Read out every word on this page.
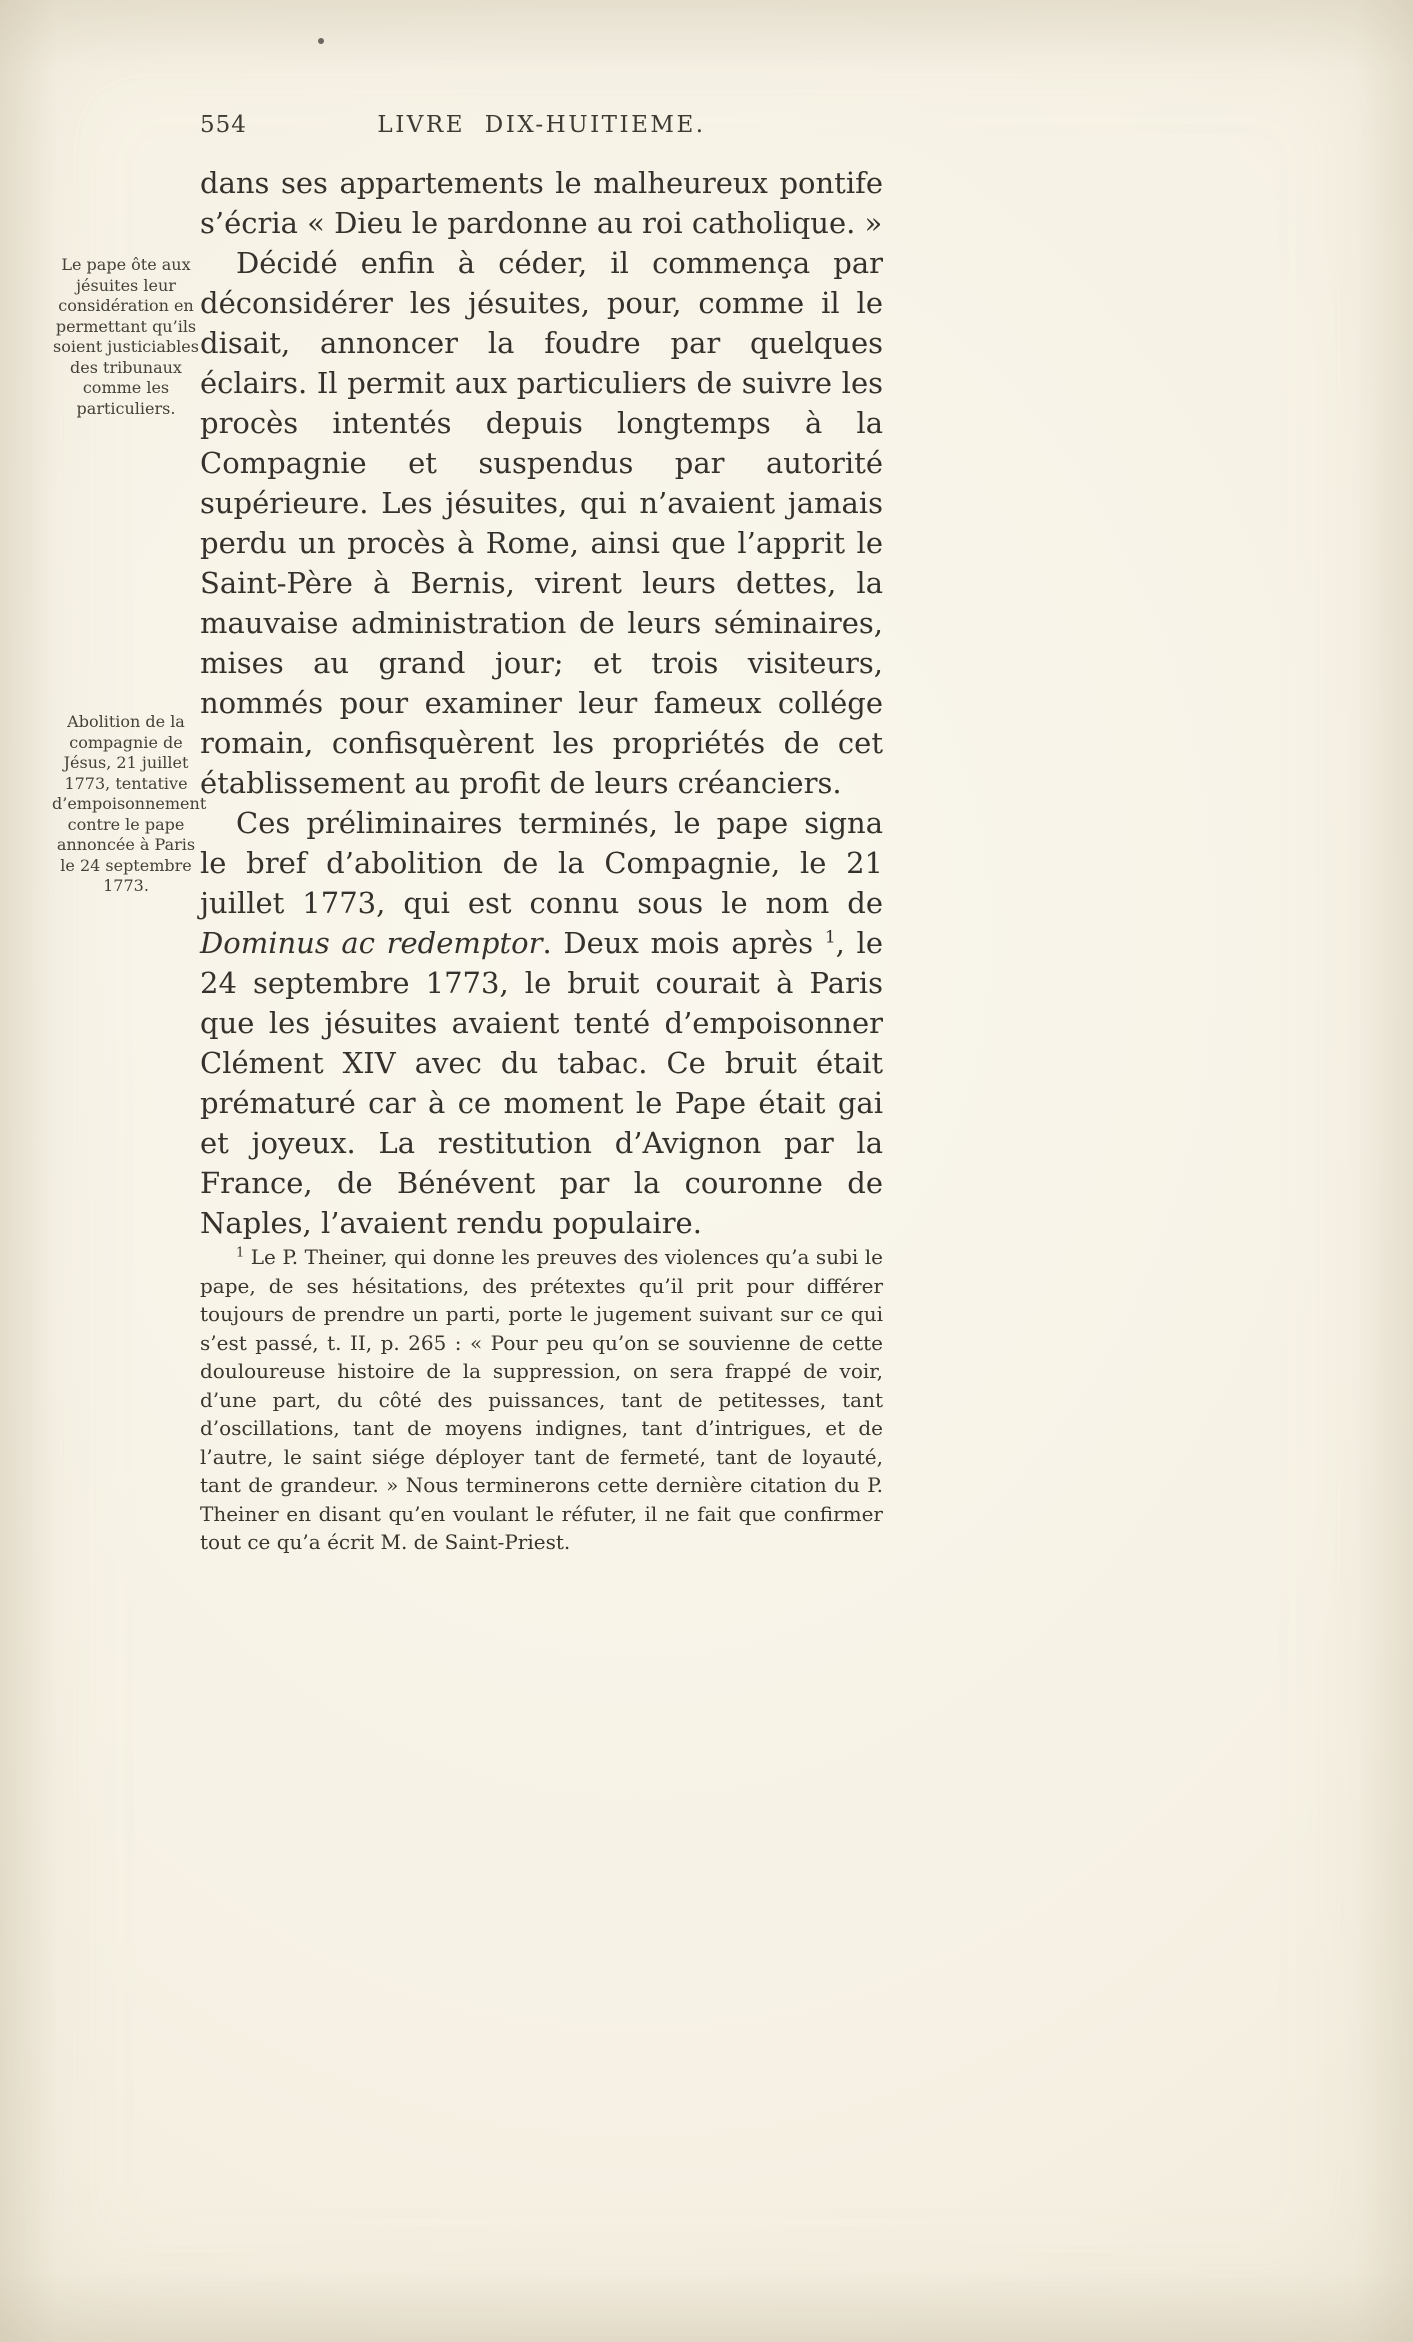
554	LIVRE DIX-HUITIEME.
Le pape ôte aux jésuites leur considération en permettant qu’ils soient justiciables des tribunaux comme les particuliers.
Abolition de la compagnie de Jésus, 21 juillet 1773, tentative d’empoisonnement contre le pape annoncée à Paris le 24 septembre 1773.

dans ses appartements le malheureux pontife s’écria « Dieu le pardonne au roi catholique. »

Décidé enfin à céder, il commença par déconsidérer les jésuites, pour, comme il le disait, annoncer la foudre par quelques éclairs. Il permit aux particuliers de suivre les procès intentés depuis longtemps à la Compagnie et suspendus par autorité supérieure. Les jésuites, qui n’avaient jamais perdu un procès à Rome, ainsi que l’apprit le Saint-Père à Bernis, virent leurs dettes, la mauvaise administration de leurs séminaires, mises au grand jour; et trois visiteurs, nommés pour examiner leur fameux collége romain, confisquèrent les propriétés de cet établissement au profit de leurs créanciers.

Ces préliminaires terminés, le pape signa le bref d’abolition de la Compagnie, le 21 juillet 1773, qui est connu sous le nom de Dominus ac redemptor. Deux mois après $^1$, le 24 septembre 1773, le bruit courait à Paris que les jésuites avaient tenté d’empoisonner Clément XIV avec du tabac. Ce bruit était prématuré car à ce moment le Pape était gai et joyeux. La restitution d’Avignon par la France, de Bénévent par la couronne de Naples, l’avaient rendu populaire.

$^1$ Le P. Theiner, qui donne les preuves des violences qu’a subi le pape, de ses hésitations, des prétextes qu’il prit pour différer toujours de prendre un parti, porte le jugement suivant sur ce qui s’est passé, t. II, p. 265 : « Pour peu qu’on se souvienne de cette douloureuse histoire de la suppression, on sera frappé de voir, d’une part, du côté des puissances, tant de petitesses, tant d’oscillations, tant de moyens indignes, tant d’intrigues, et de l’autre, le saint siége déployer tant de fermeté, tant de loyauté, tant de grandeur. » Nous terminerons cette dernière citation du P. Theiner en disant qu’en voulant le réfuter, il ne fait que confirmer tout ce qu’a écrit M. de Saint-Priest.
